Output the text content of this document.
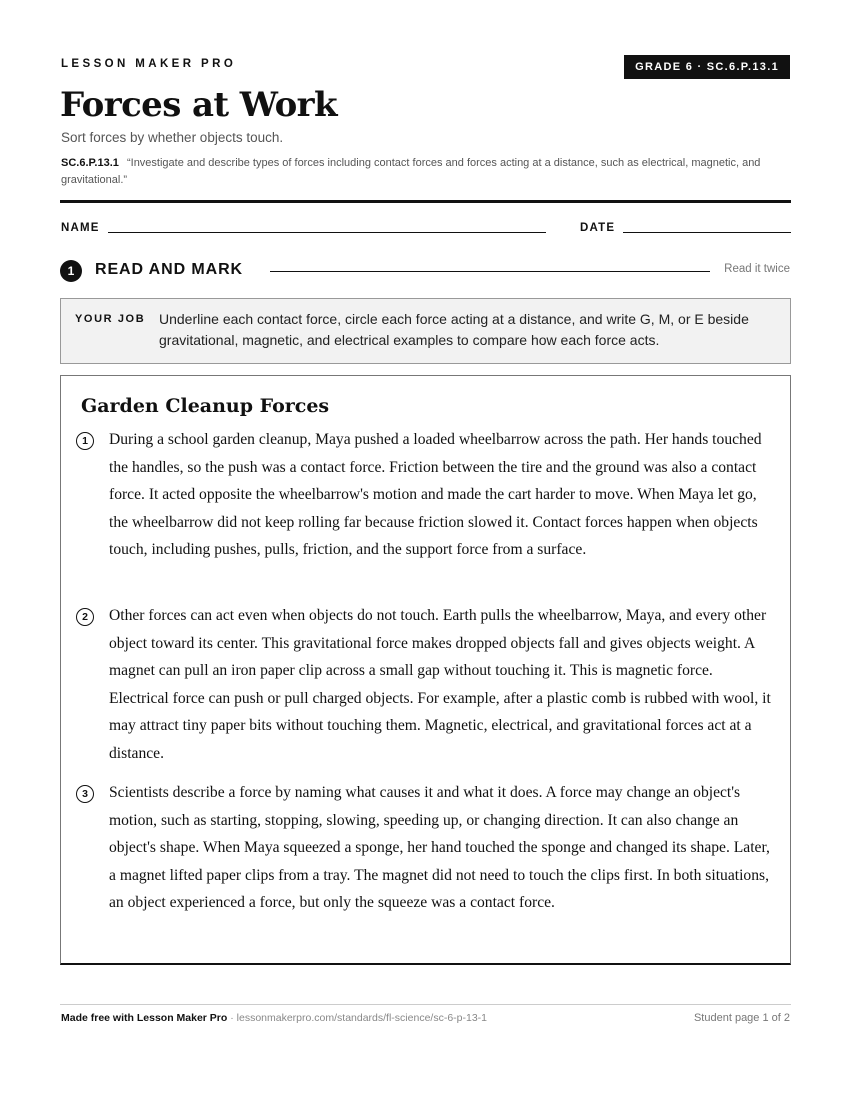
LESSON MAKER PRO	GRADE 6 · SC.6.P.13.1
Forces at Work
Sort forces by whether objects touch.
SC.6.P.13.1 “Investigate and describe types of forces including contact forces and forces acting at a distance, such as electrical, magnetic, and gravitational.”
NAME	DATE
1	READ AND MARK	Read it twice
YOUR JOB Underline each contact force, circle each force acting at a distance, and write G, M, or E beside gravitational, magnetic, and electrical examples to compare how each force acts.
Garden Cleanup Forces
1	During a school garden cleanup, Maya pushed a loaded wheelbarrow across the path. Her hands touched the handles, so the push was a contact force. Friction between the tire and the ground was also a contact force. It acted opposite the wheelbarrow's motion and made the cart harder to move. When Maya let go, the wheelbarrow did not keep rolling far because friction slowed it. Contact forces happen when objects touch, including pushes, pulls, friction, and the support force from a surface.

2	Other forces can act even when objects do not touch. Earth pulls the wheelbarrow, Maya, and every other object toward its center. This gravitational force makes dropped objects fall and gives objects weight. A magnet can pull an iron paper clip across a small gap without touching it. This is magnetic force. Electrical force can push or pull charged objects. For example, after a plastic comb is rubbed with wool, it may attract tiny paper bits without touching them. Magnetic, electrical, and gravitational forces act at a distance.

3	Scientists describe a force by naming what causes it and what it does. A force may change an object's motion, such as starting, stopping, slowing, speeding up, or changing direction. It can also change an object's shape. When Maya squeezed a sponge, her hand touched the sponge and changed its shape. Later, a magnet lifted paper clips from a tray. The magnet did not need to touch the clips first. In both situations, an object experienced a force, but only the squeeze was a contact force.

Made free with Lesson Maker Pro · lessonmakerpro.com/standards/fl-science/sc-6-p-13-1	Student page 1 of 2
